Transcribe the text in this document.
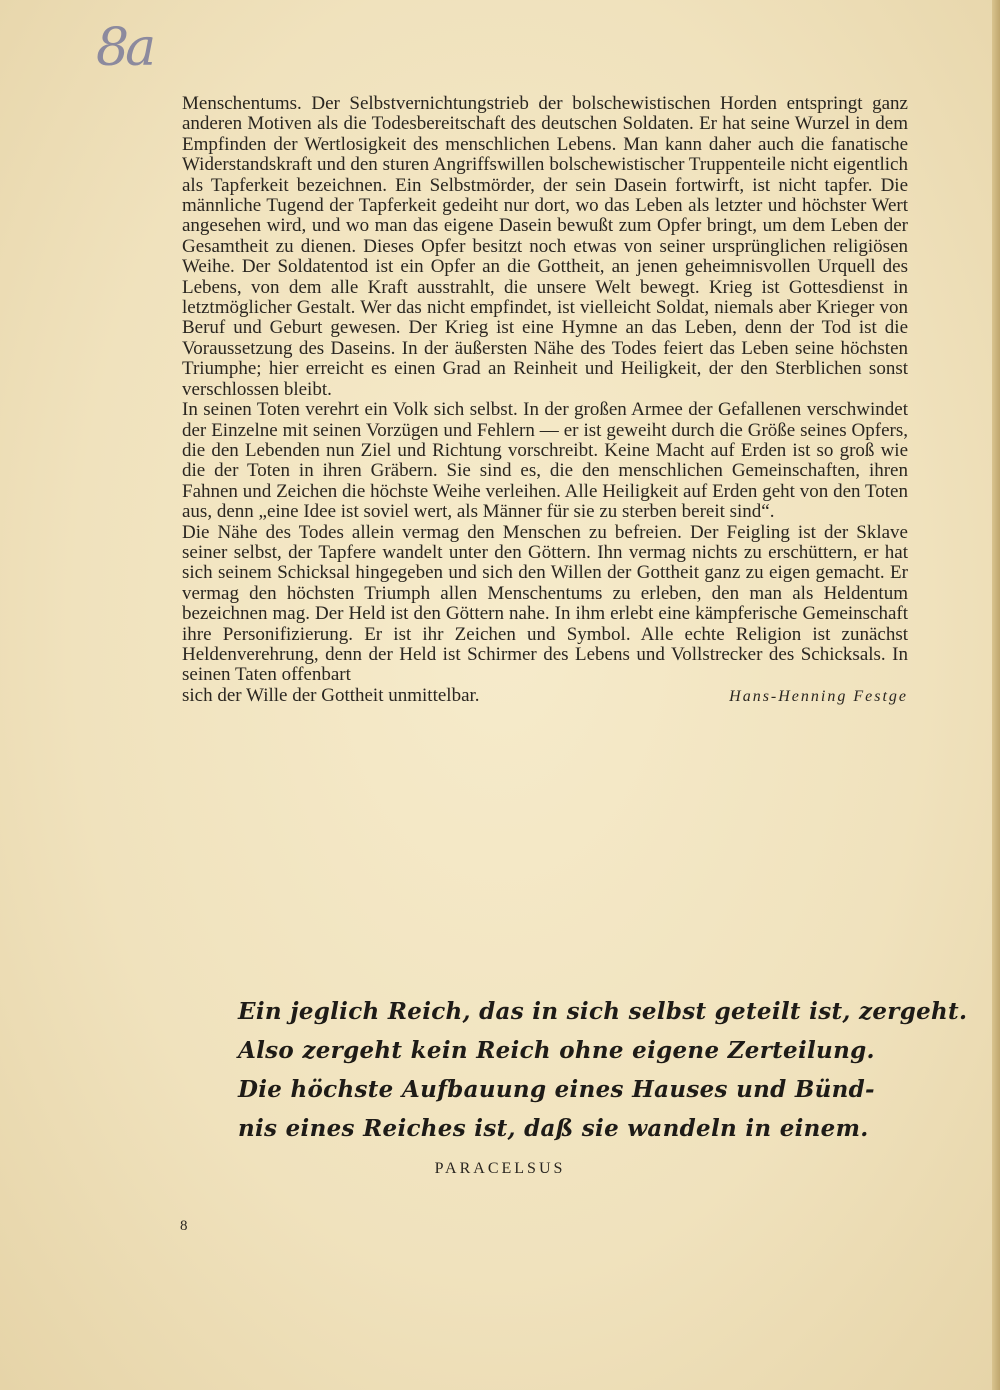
8a

Menschentums. Der Selbstvernichtungstrieb der bolschewistischen Horden entspringt ganz anderen Motiven als die Todesbereitschaft des deutschen Soldaten. Er hat seine Wurzel in dem Empfinden der Wertlosigkeit des menschlichen Lebens. Man kann daher auch die fanatische Widerstandskraft und den sturen Angriffswillen bolschewistischer Truppenteile nicht eigentlich als Tapferkeit bezeichnen. Ein Selbstmörder, der sein Dasein fortwirft, ist nicht tapfer. Die männliche Tugend der Tapferkeit gedeiht nur dort, wo das Leben als letzter und höchster Wert angesehen wird, und wo man das eigene Dasein bewußt zum Opfer bringt, um dem Leben der Gesamtheit zu dienen. Dieses Opfer besitzt noch etwas von seiner ursprünglichen religiösen Weihe. Der Soldatentod ist ein Opfer an die Gottheit, an jenen geheimnisvollen Urquell des Lebens, von dem alle Kraft ausstrahlt, die unsere Welt bewegt. Krieg ist Gottesdienst in letztmöglicher Gestalt. Wer das nicht empfindet, ist vielleicht Soldat, niemals aber Krieger von Beruf und Geburt gewesen. Der Krieg ist eine Hymne an das Leben, denn der Tod ist die Voraussetzung des Daseins. In der äußersten Nähe des Todes feiert das Leben seine höchsten Triumphe; hier erreicht es einen Grad an Reinheit und Heiligkeit, der den Sterblichen sonst verschlossen bleibt.

In seinen Toten verehrt ein Volk sich selbst. In der großen Armee der Gefallenen verschwindet der Einzelne mit seinen Vorzügen und Fehlern — er ist geweiht durch die Größe seines Opfers, die den Lebenden nun Ziel und Richtung vorschreibt. Keine Macht auf Erden ist so groß wie die der Toten in ihren Gräbern. Sie sind es, die den menschlichen Gemeinschaften, ihren Fahnen und Zeichen die höchste Weihe verleihen. Alle Heiligkeit auf Erden geht von den Toten aus, denn „eine Idee ist soviel wert, als Männer für sie zu sterben bereit sind“.

Die Nähe des Todes allein vermag den Menschen zu befreien. Der Feigling ist der Sklave seiner selbst, der Tapfere wandelt unter den Göttern. Ihn vermag nichts zu erschüttern, er hat sich seinem Schicksal hingegeben und sich den Willen der Gottheit ganz zu eigen gemacht. Er vermag den höchsten Triumph allen Menschentums zu erleben, den man als Heldentum bezeichnen mag. Der Held ist den Göttern nahe. In ihm erlebt eine kämpferische Gemeinschaft ihre Personifizierung. Er ist ihr Zeichen und Symbol. Alle echte Religion ist zunächst Heldenverehrung, denn der Held ist Schirmer des Lebens und Vollstrecker des Schicksals. In seinen Taten offenbart

sich der Wille der Gottheit unmittelbar.	Hans-Henning Festge
Ein jeglich Reich, das in sich selbst geteilt ist, zergeht.
Also zergeht kein Reich ohne eigene Zerteilung.
Die höchste Aufbauung eines Hauses und Bünd-
nis eines Reiches ist, daß sie wandeln in einem.
PARACELSUS
8
